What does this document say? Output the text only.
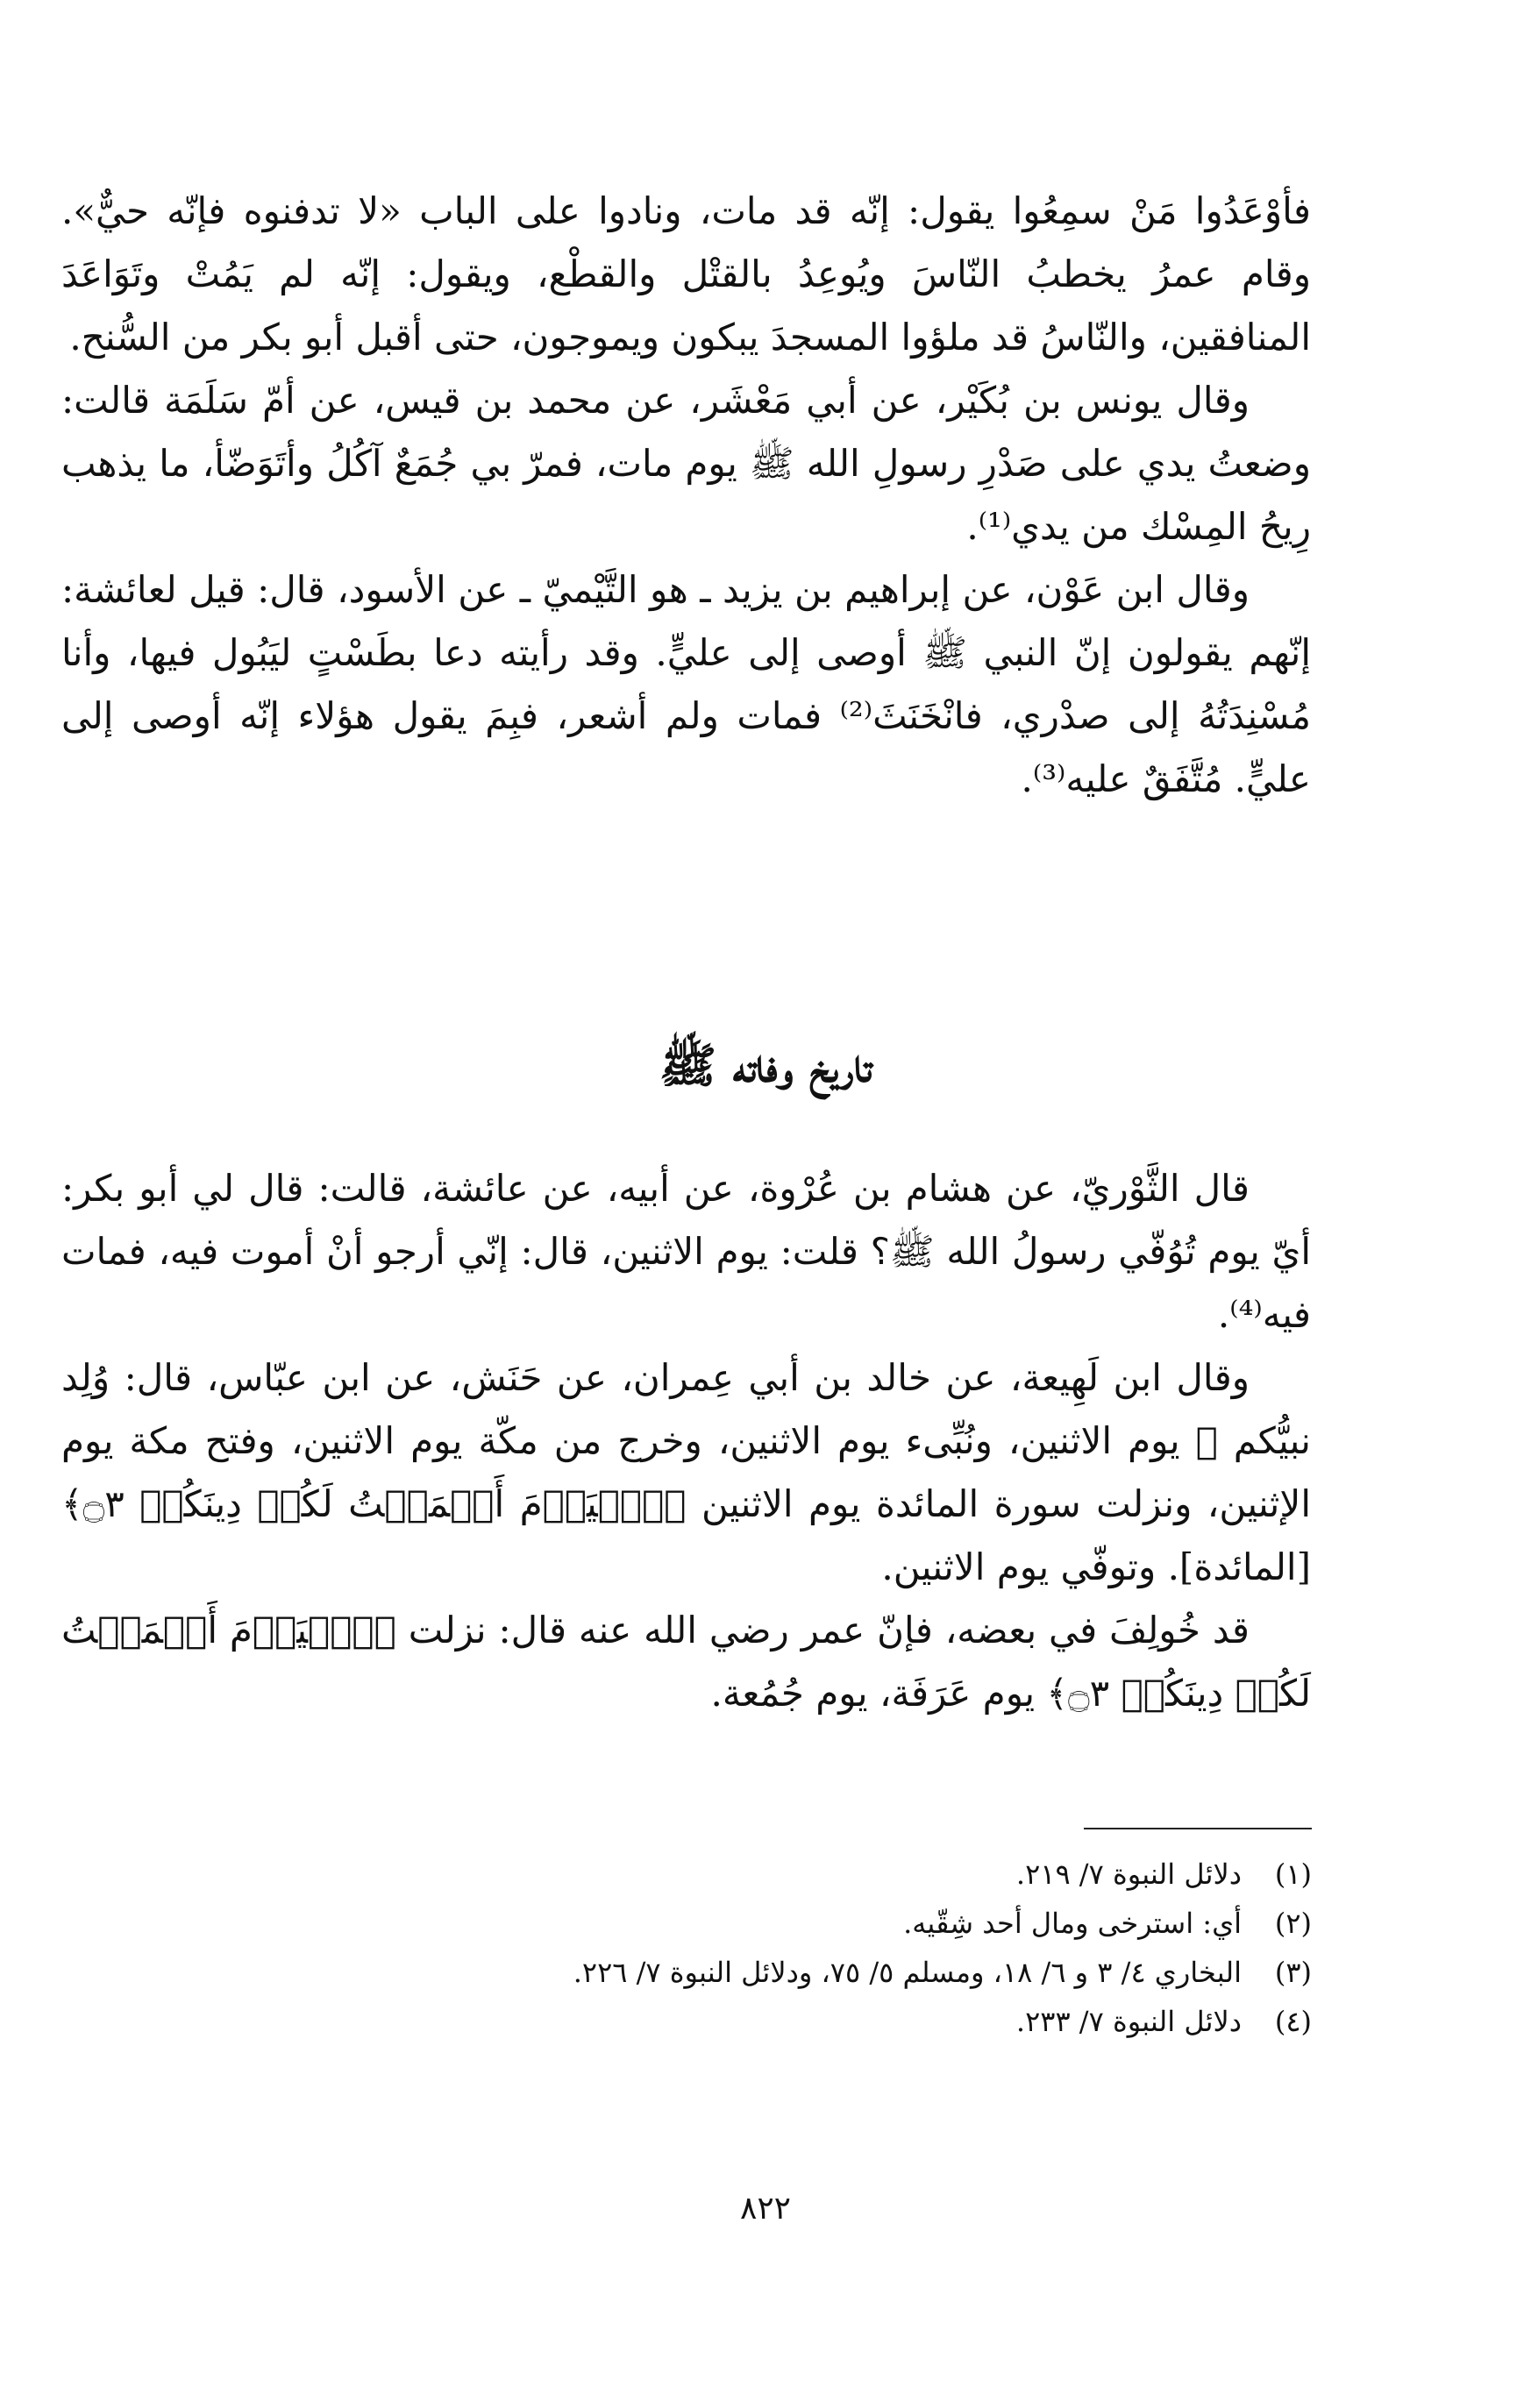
فأوْعَدُوا مَنْ سمِعُوا يقول: إنّه قد مات، ونادوا على الباب «لا تدفنوه فإنّه حيٌّ». وقام عمرُ يخطبُ النّاسَ ويُوعِدُ بالقتْل والقطْع، ويقول: إنّه لم يَمُتْ وتَوَاعَدَ المنافقين، والنّاسُ قد ملؤوا المسجدَ يبكون ويموجون، حتى أقبل أبو بكر من السُّنح.

وقال يونس بن بُكَيْر، عن أبي مَعْشَر، عن محمد بن قيس، عن أمّ سَلَمَة قالت: وضعتُ يدي على صَدْرِ رسولِ الله ﷺ يوم مات، فمرّ بي جُمَعٌ آكُلُ وأتَوَضّأ، ما يذهب رِيحُ المِسْك من يدي⁽¹⁾.

وقال ابن عَوْن، عن إبراهيم بن يزيد ـ هو التَّيْميّ ـ عن الأسود، قال: قيل لعائشة: إنّهم يقولون إنّ النبي ﷺ أوصى إلى عليٍّ. وقد رأيته دعا بطَسْتٍ ليَبُول فيها، وأنا مُسْنِدَتُهُ إلى صدْري، فانْخَنَثَ⁽²⁾ فمات ولم أشعر، فبِمَ يقول هؤلاء إنّه أوصى إلى عليٍّ. مُتَّفَقٌ عليه⁽³⁾.

تاريخ وفاته ﷺ

قال الثَّوْريّ، عن هشام بن عُرْوة، عن أبيه، عن عائشة، قالت: قال لي أبو بكر: أيّ يوم تُوُفّي رسولُ الله ﷺ؟ قلت: يوم الاثنين، قال: إنّي أرجو أنْ أموت فيه، فمات فيه⁽⁴⁾.

وقال ابن لَهِيعة، عن خالد بن أبي عِمران، عن حَنَش، عن ابن عبّاس، قال: وُلِد نبيُّكم ﷺ يوم الاثنين، ونُبِّىء يوم الاثنين، وخرج من مكّة يوم الاثنين، وفتح مكة يوم الإثنين، ونزلت سورة المائدة يوم الاثنين ﴿ٱلۡيَوۡمَ أَكۡمَلۡتُ لَكُمۡ دِينَكُمۡ ۝٣﴾ [المائدة]. وتوفّي يوم الاثنين.

قد خُولِفَ في بعضه، فإنّ عمر رضي الله عنه قال: نزلت ﴿ٱلۡيَوۡمَ أَكۡمَلۡتُ لَكُمۡ دِينَكُمۡ ۝٣﴾ يوم عَرَفَة، يوم جُمُعة.

(١)
دلائل النبوة ٧/ ٢١٩.
(٢)
أي: استرخى ومال أحد شِقّيه.
(٣)
البخاري ٤/ ٣ و ٦/ ١٨، ومسلم ٥/ ٧٥، ودلائل النبوة ٧/ ٢٢٦.
(٤)
دلائل النبوة ٧/ ٢٣٣.
٨٢٢
